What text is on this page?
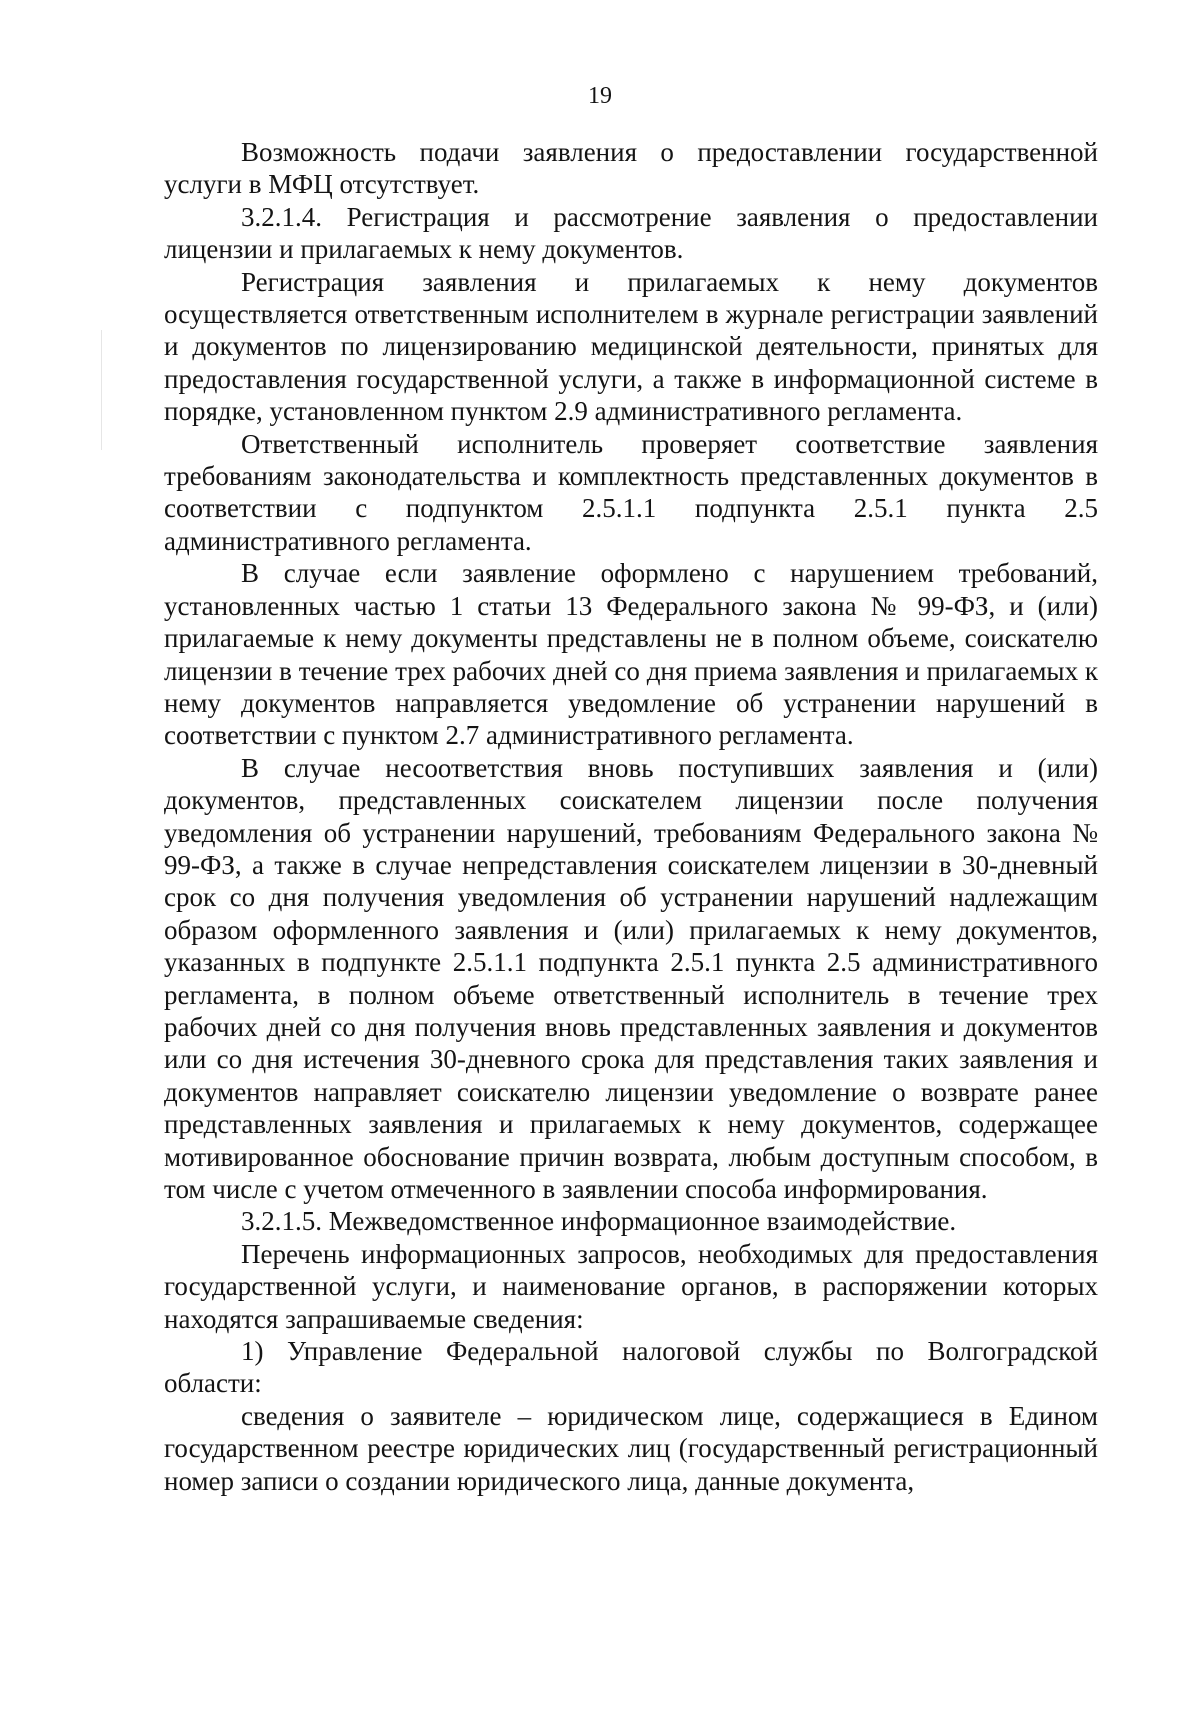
19

Возможность подачи заявления о предоставлении государственной услуги в МФЦ отсутствует.

3.2.1.4. Регистрация и рассмотрение заявления о предоставлении лицензии и прилагаемых к нему документов.

Регистрация заявления и прилагаемых к нему документов осуществляется ответственным исполнителем в журнале регистрации заявлений и документов по лицензированию медицинской деятельности, принятых для предоставления государственной услуги, а также в информационной системе в порядке, установленном пунктом 2.9 административного регламента.

Ответственный исполнитель проверяет соответствие заявления требованиям законодательства и комплектность представленных документов в соответствии с подпунктом 2.5.1.1 подпункта 2.5.1 пункта 2.5 административного регламента.

В случае если заявление оформлено с нарушением требований, установленных частью 1 статьи 13 Федерального закона № 99-ФЗ, и (или) прилагаемые к нему документы представлены не в полном объеме, соискателю лицензии в течение трех рабочих дней со дня приема заявления и прилагаемых к нему документов направляется уведомление об устранении нарушений в соответствии с пунктом 2.7 административного регламента.

В случае несоответствия вновь поступивших заявления и (или) документов, представленных соискателем лицензии после получения уведомления об устранении нарушений, требованиям Федерального закона № 99-ФЗ, а также в случае непредставления соискателем лицензии в 30-дневный срок со дня получения уведомления об устранении нарушений надлежащим образом оформленного заявления и (или) прилагаемых к нему документов, указанных в подпункте 2.5.1.1 подпункта 2.5.1 пункта 2.5 административного регламента, в полном объеме ответственный исполнитель в течение трех рабочих дней со дня получения вновь представленных заявления и документов или со дня истечения 30-дневного срока для представления таких заявления и документов направляет соискателю лицензии уведомление о возврате ранее представленных заявления и прилагаемых к нему документов, содержащее мотивированное обоснование причин возврата, любым доступным способом, в том числе с учетом отмеченного в заявлении способа информирования.

3.2.1.5. Межведомственное информационное взаимодействие.

Перечень информационных запросов, необходимых для предоставления государственной услуги, и наименование органов, в распоряжении которых находятся запрашиваемые сведения:

1) Управление Федеральной налоговой службы по Волгоградской области:

сведения о заявителе – юридическом лице, содержащиеся в Едином государственном реестре юридических лиц (государственный регистрационный номер записи о создании юридического лица, данные документа,
